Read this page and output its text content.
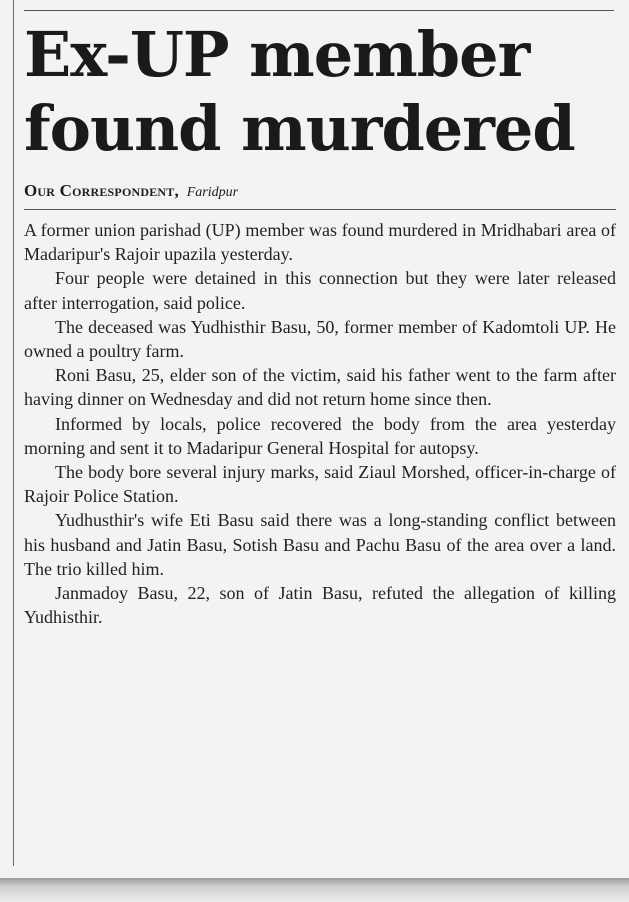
Ex-UP member
found murdered
Our Correspondent, Faridpur

A former union parishad (UP) member was found murdered in Mridhabari area of Madaripur's Rajoir upazila yesterday.

Four people were detained in this connection but they were later released after interrogation, said police.

The deceased was Yudhisthir Basu, 50, former member of Kadomtoli UP. He owned a poultry farm.

Roni Basu, 25, elder son of the victim, said his father went to the farm after having dinner on Wednesday and did not return home since then.

Informed by locals, police recovered the body from the area yesterday morning and sent it to Madaripur General Hospital for autopsy.

The body bore several injury marks, said Ziaul Morshed, officer-in-charge of Rajoir Police Station.

Yudhusthir's wife Eti Basu said there was a long-standing conflict between his husband and Jatin Basu, Sotish Basu and Pachu Basu of the area over a land. The trio killed him.

Janmadoy Basu, 22, son of Jatin Basu, refuted the allegation of killing Yudhisthir.
